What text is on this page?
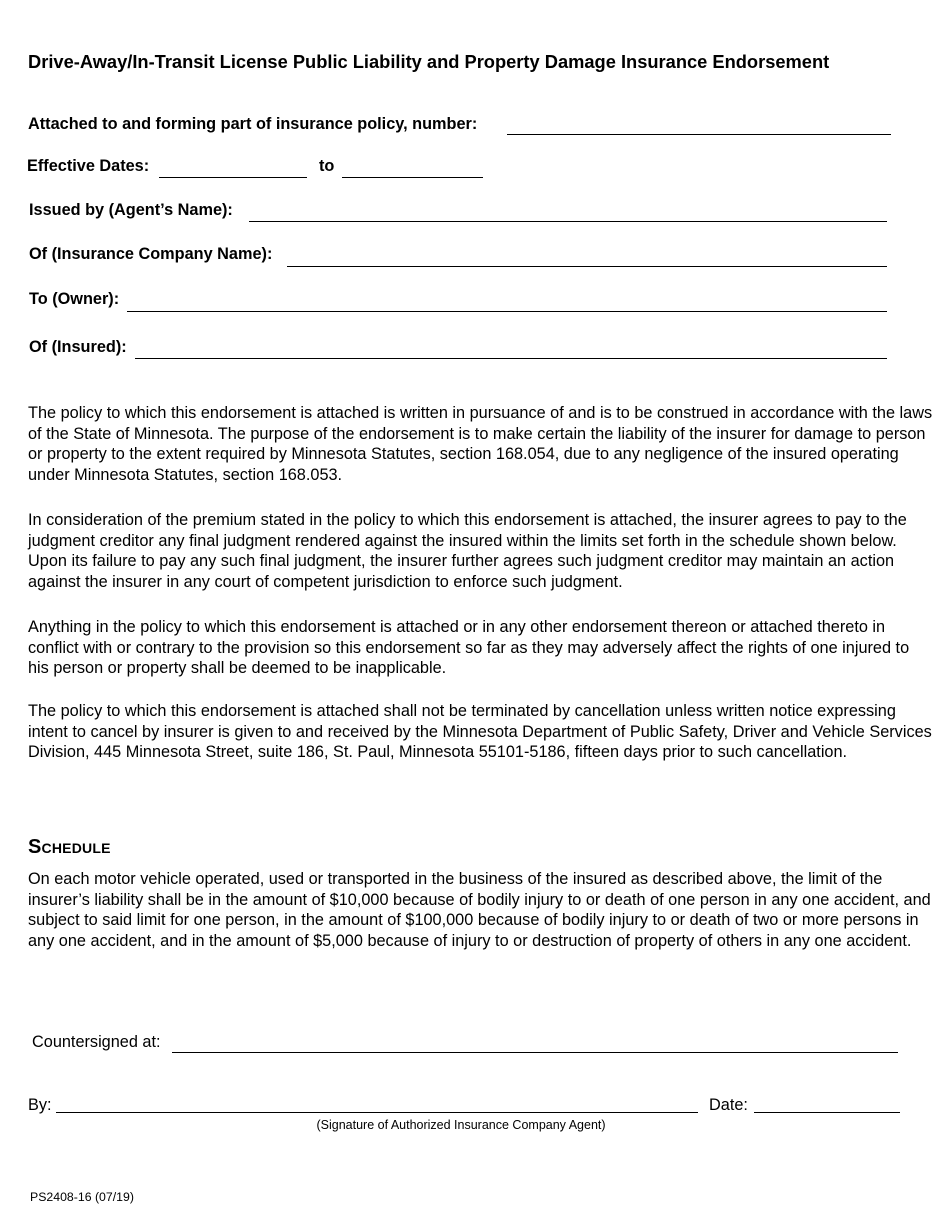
Drive-Away/In-Transit License Public Liability and Property Damage Insurance Endorsement
Attached to and forming part of insurance policy, number:
Effective Dates:	to
Issued by (Agent’s Name):
Of (Insurance Company Name):
To (Owner):
Of (Insured):
The policy to which this endorsement is attached is written in pursuance of and is to be construed in accordance with the laws of the State of Minnesota. The purpose of the endorsement is to make certain the liability of the insurer for damage to person or property to the extent required by Minnesota Statutes, section 168.054, due to any negligence of the insured operating under Minnesota Statutes, section 168.053.
In consideration of the premium stated in the policy to which this endorsement is attached, the insurer agrees to pay to the judgment creditor any final judgment rendered against the insured within the limits set forth in the schedule shown below. Upon its failure to pay any such final judgment, the insurer further agrees such judgment creditor may maintain an action against the insurer in any court of competent jurisdiction to enforce such judgment.
Anything in the policy to which this endorsement is attached or in any other endorsement thereon or attached thereto in conflict with or contrary to the provision so this endorsement so far as they may adversely affect the rights of one injured to his person or property shall be deemed to be inapplicable.
The policy to which this endorsement is attached shall not be terminated by cancellation unless written notice expressing intent to cancel by insurer is given to and received by the Minnesota Department of Public Safety, Driver and Vehicle Services Division, 445 Minnesota Street, suite 186, St. Paul, Minnesota 55101-5186, fifteen days prior to such cancellation.
Schedule
On each motor vehicle operated, used or transported in the business of the insured as described above, the limit of the insurer’s liability shall be in the amount of $10,000 because of bodily injury to or death of one person in any one accident, and subject to said limit for one person, in the amount of $100,000 because of bodily injury to or death of two or more persons in any one accident, and in the amount of $5,000 because of injury to or destruction of property of others in any one accident.
Countersigned at:
By:	Date:
(Signature of Authorized Insurance Company Agent)
PS2408-16 (07/19)
